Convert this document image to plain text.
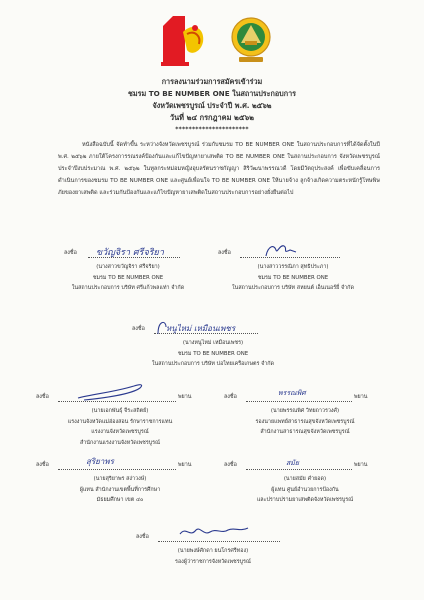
การลงนามร่วมการสมัครเข้าร่วม
ชมรม TO BE NUMBER ONE ในสถานประกอบการ
จังหวัดเพชรบูรณ์ ประจำปี พ.ศ. ๒๕๖๒
วันที่ ๒๔ กรกฎาคม ๒๕๖๒
**********************

หนังสือฉบับนี้ จัดทำขึ้น ระหว่างจังหวัดเพชรบูรณ์ ร่วมกับชมรม TO BE NUMBER ONE ในสถานประกอบการที่ได้จัดตั้งในปี พ.ศ. ๒๕๖๒ ภายใต้โครงการรณรงค์ป้องกันและแก้ไขปัญหายาเสพติด TO BE NUMBER ONE ในสถานประกอบการ จังหวัดเพชรบูรณ์ ประจำปีงบประมาณ พ.ศ. ๒๕๖๒ ในทูลกระหม่อมหญิงอุบลรัตนราชกัญญา สิริวัฒนาพรรณวดี โดยมีวัตถุประสงค์ เพื่อขับเคลื่อนการดำเนินการของชมรม TO BE NUMBER ONE และศูนย์เพื่อนใจ TO BE NUMBER ONE ให้นายจ้าง ลูกจ้างเกิดความตระหนักรู้โทษพิษภัยของยาเสพติด และร่วมกันป้องกันและแก้ไขปัญหายาเสพติดในสถานประกอบการอย่างยั่งยืนต่อไป

ลงชื่อ ขวัญจิรา ศรีจริยา
(นางสาวขวัญจิรา ศรีจริยา)
ชมรม TO BE NUMBER ONE
ในสถานประกอบการ บริษัท ศรีแก้วพลแท่า จำกัด
ลงชื่อ
(นางสาววรรณิภา สุทธิประภา)
ชมรม TO BE NUMBER ONE
ในสถานประกอบการ บริษัท สหยนต์ เอ็นเนอร์ยี่ จำกัด
ลงชื่อ	หนูไหม่ เหมือนเพชร
(นางหนูไหม่ เหมือนเพชร)
ชมรม TO BE NUMBER ONE
ในสถานประกอบการ บริษัท บ่อไทยเครือเกษตร จำกัด
ลงชื่อ	พยาน
(นายเอกพันธุ์ จีระสถิตย์)
แรงงานจังหวัดแม่ฮ่องสอน รักษาราชการแทน
แรงงานจังหวัดเพชรบูรณ์
สำนักงานแรงงานจังหวัดเพชรบูรณ์
ลงชื่อ	พยาน
พรรณพิศ
(นายพรรณพิศ วิทยถาวรวงศ์)
รองนายแพทย์สาธารณสุขจังหวัดเพชรบูรณ์
สำนักงานสาธารณสุขจังหวัดเพชรบูรณ์
ลงชื่อ	พยาน
สุริยาพร
(นายสุริยาพร สง่าวงษ์)
ผู้แทน สำนักงานเขตพื้นที่การศึกษา
มัธยมศึกษา เขต ๔๐
ลงชื่อ	พยาน
สมัย
(นายสมัย คำยอด)
ผู้แทน ศูนย์อำนวยการป้องกัน
และปราบปรามยาเสพติดจังหวัดเพชรบูรณ์
ลงชื่อ
(นายพงษ์ศักดา ยนโกรศรีทอง)
รองผู้ว่าราชการจังหวัดเพชรบูรณ์
